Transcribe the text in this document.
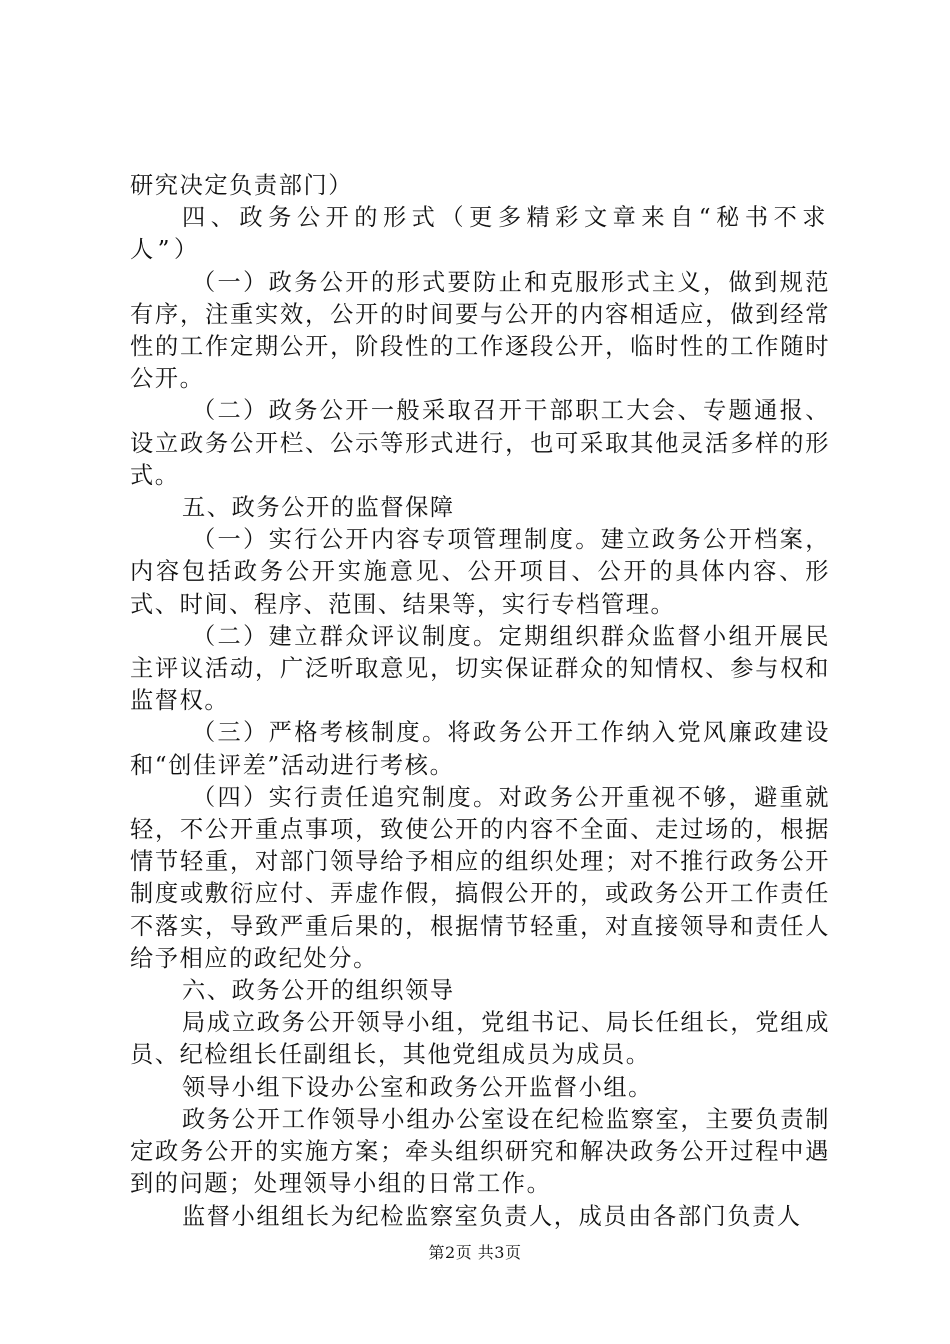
研究决定负责部门）

四、政务公开的形式（更多精彩文章来自“秘书不求人”）

（一）政务公开的形式要防止和克服形式主义，做到规范有序，注重实效，公开的时间要与公开的内容相适应，做到经常性的工作定期公开，阶段性的工作逐段公开，临时性的工作随时公开。

（二）政务公开一般采取召开干部职工大会、专题通报、设立政务公开栏、公示等形式进行，也可采取其他灵活多样的形式。

五、政务公开的监督保障

（一）实行公开内容专项管理制度。建立政务公开档案，内容包括政务公开实施意见、公开项目、公开的具体内容、形式、时间、程序、范围、结果等，实行专档管理。

（二）建立群众评议制度。定期组织群众监督小组开展民主评议活动，广泛听取意见，切实保证群众的知情权、参与权和监督权。

（三）严格考核制度。将政务公开工作纳入党风廉政建设和“创佳评差”活动进行考核。

（四）实行责任追究制度。对政务公开重视不够，避重就轻，不公开重点事项，致使公开的内容不全面、走过场的，根据情节轻重，对部门领导给予相应的组织处理；对不推行政务公开制度或敷衍应付、弄虚作假，搞假公开的，或政务公开工作责任不落实，导致严重后果的，根据情节轻重，对直接领导和责任人给予相应的政纪处分。

六、政务公开的组织领导

局成立政务公开领导小组，党组书记、局长任组长，党组成员、纪检组长任副组长，其他党组成员为成员。

领导小组下设办公室和政务公开监督小组。

政务公开工作领导小组办公室设在纪检监察室，主要负责制定政务公开的实施方案；牵头组织研究和解决政务公开过程中遇到的问题；处理领导小组的日常工作。

监督小组组长为纪检监察室负责人，成员由各部门负责人

第2页 共3页
